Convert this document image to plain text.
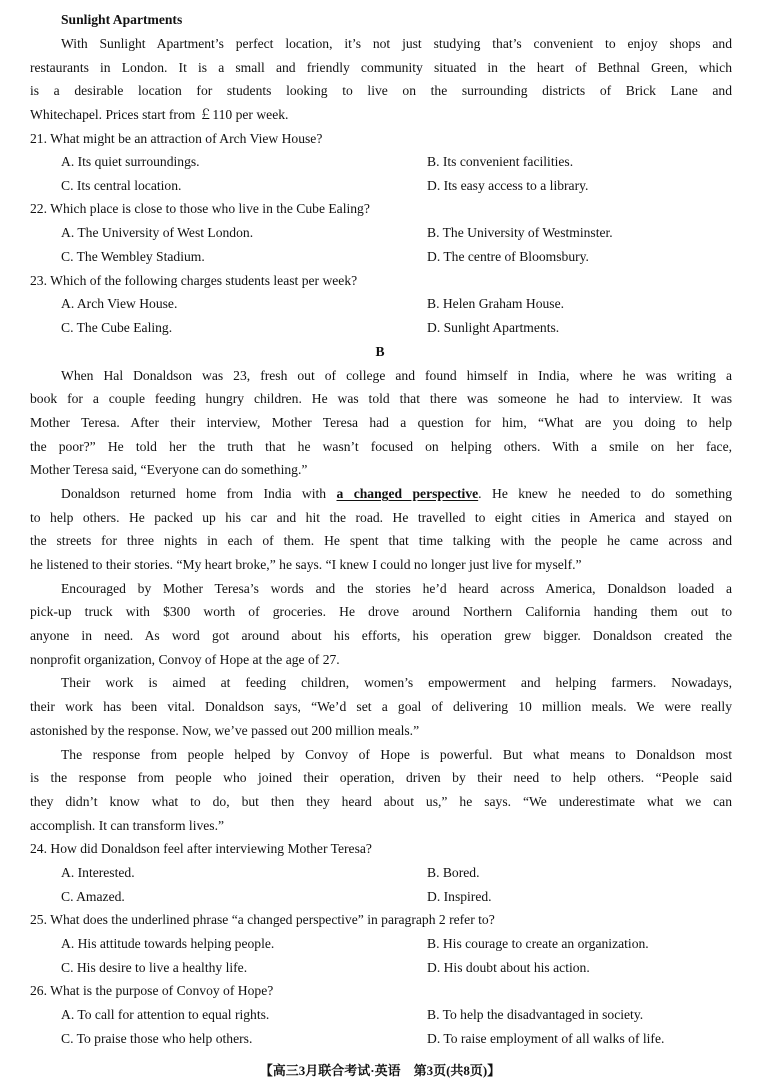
Sunlight Apartments
With Sunlight Apartment’s perfect location, it’s not just studying that’s convenient to enjoy shops and
restaurants in London. It is a small and friendly community situated in the heart of Bethnal Green, which
is a desirable location for students looking to live on the surrounding districts of Brick Lane and
Whitechapel. Prices start from ￡110 per week.
21. What might be an attraction of Arch View House?
A. Its quiet surroundings.	B. Its convenient facilities.
C. Its central location.	D. Its easy access to a library.
22. Which place is close to those who live in the Cube Ealing?
A. The University of West London.	B. The University of Westminster.
C. The Wembley Stadium.	D. The centre of Bloomsbury.
23. Which of the following charges students least per week?
A. Arch View House.	B. Helen Graham House.
C. The Cube Ealing.	D. Sunlight Apartments.
B
When Hal Donaldson was 23, fresh out of college and found himself in India, where he was writing a
book for a couple feeding hungry children. He was told that there was someone he had to interview. It was
Mother Teresa. After their interview, Mother Teresa had a question for him, “What are you doing to help
the poor?” He told her the truth that he wasn’t focused on helping others. With a smile on her face,
Mother Teresa said, “Everyone can do something.”
Donaldson returned home from India with a changed perspective. He knew he needed to do something
to help others. He packed up his car and hit the road. He travelled to eight cities in America and stayed on
the streets for three nights in each of them. He spent that time talking with the people he came across and
he listened to their stories. “My heart broke,” he says. “I knew I could no longer just live for myself.”
Encouraged by Mother Teresa’s words and the stories he’d heard across America, Donaldson loaded a
pick-up truck with $300 worth of groceries. He drove around Northern California handing them out to
anyone in need. As word got around about his efforts, his operation grew bigger. Donaldson created the
nonprofit organization, Convoy of Hope at the age of 27.
Their work is aimed at feeding children, women’s empowerment and helping farmers. Nowadays,
their work has been vital. Donaldson says, “We’d set a goal of delivering 10 million meals. We were really
astonished by the response. Now, we’ve passed out 200 million meals.”
The response from people helped by Convoy of Hope is powerful. But what means to Donaldson most
is the response from people who joined their operation, driven by their need to help others. “People said
they didn’t know what to do, but then they heard about us,” he says. “We underestimate what we can
accomplish. It can transform lives.”
24. How did Donaldson feel after interviewing Mother Teresa?
A. Interested.	B. Bored.
C. Amazed.	D. Inspired.
25. What does the underlined phrase “a changed perspective” in paragraph 2 refer to?
A. His attitude towards helping people.	B. His courage to create an organization.
C. His desire to live a healthy life.	D. His doubt about his action.
26. What is the purpose of Convoy of Hope?
A. To call for attention to equal rights.	B. To help the disadvantaged in society.
C. To praise those who help others.	D. To raise employment of all walks of life.
【高三3月联合考试·英语　第3页(共8页)】
